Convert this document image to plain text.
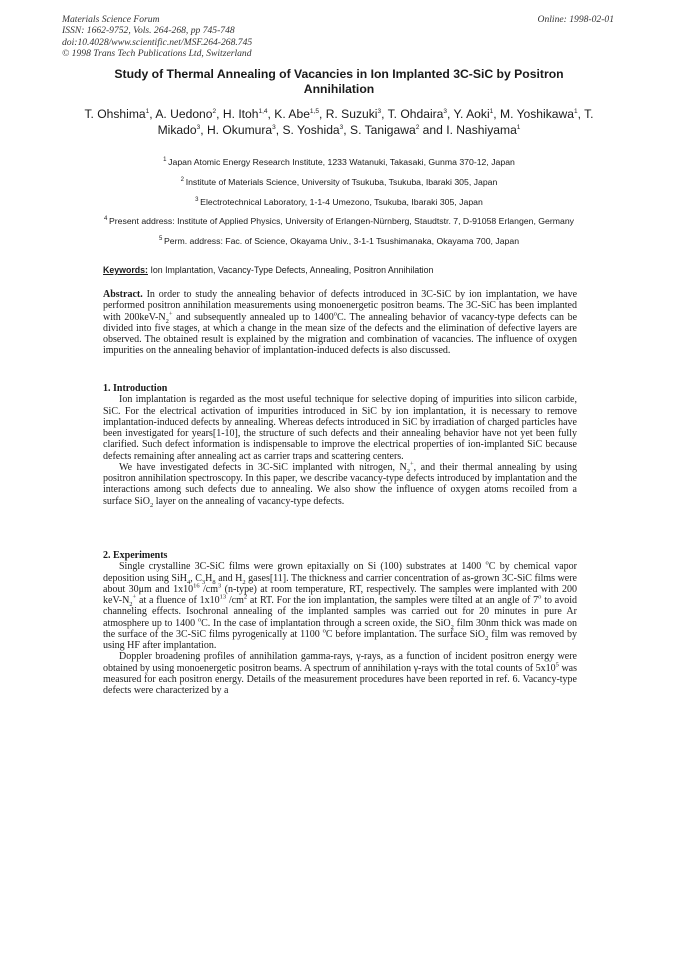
Materials Science Forum
ISSN: 1662-9752, Vols. 264-268, pp 745-748
doi:10.4028/www.scientific.net/MSF.264-268.745
© 1998 Trans Tech Publications Ltd, Switzerland
Online: 1998-02-01
Study of Thermal Annealing of Vacancies in Ion Implanted 3C-SiC by Positron Annihilation
T. Ohshima$^1$, A. Uedono$^2$, H. Itoh$^{1,4}$, K. Abe$^{1,5}$, R. Suzuki$^3$, T. Ohdaira$^3$, Y. Aoki$^1$, M. Yoshikawa$^1$, T. Mikado$^3$, H. Okumura$^3$, S. Yoshida$^3$, S. Tanigawa$^2$ and I. Nashiyama$^1$
$^1$ Japan Atomic Energy Research Institute, 1233 Watanuki, Takasaki, Gunma 370-12, Japan
$^2$ Institute of Materials Science, University of Tsukuba, Tsukuba, Ibaraki 305, Japan
$^3$ Electrotechnical Laboratory, 1-1-4 Umezono, Tsukuba, Ibaraki 305, Japan
$^4$ Present address: Institute of Applied Physics, University of Erlangen-Nürnberg, Staudtstr. 7, D-91058 Erlangen, Germany
$^5$ Perm. address: Fac. of Science, Okayama Univ., 3-1-1 Tsushimanaka, Okayama 700, Japan
Keywords: Ion Implantation, Vacancy-Type Defects, Annealing, Positron Annihilation

Abstract. In order to study the annealing behavior of defects introduced in 3C-SiC by ion implantation, we have performed positron annihilation measurements using monoenergetic positron beams. The 3C-SiC has been implanted with $200keV-N_2^+$ and subsequently annealed up to 1400$^o$C. The annealing behavior of vacancy-type defects can be divided into five stages, at which a change in the mean size of the defects and the elimination of defective layers are observed. The obtained result is explained by the migration and combination of vacancies. The influence of oxygen impurities on the annealing behavior of implantation-induced defects is also discussed.

1. Introduction

Ion implantation is regarded as the most useful technique for selective doping of impurities into silicon carbide, SiC. For the electrical activation of impurities introduced in SiC by ion implantation, it is necessary to remove implantation-induced defects by annealing. Whereas defects introduced in SiC by irradiation of charged particles have been investigated for years[1-10], the structure of such defects and their annealing behavior have not yet been fully clarified. Such defect information is indispensable to improve the electrical properties of ion-implanted SiC because defects remaining after annealing act as carrier traps and scattering centers.

We have investigated defects in 3C-SiC implanted with nitrogen, $N_2^+$, and their thermal annealing by using positron annihilation spectroscopy. In this paper, we describe vacancy-type defects introduced by implantation and the interactions among such defects due to annealing. We also show the influence of oxygen atoms recoiled from a surface SiO$_2$ layer on the annealing of vacancy-type defects.

2. Experiments

Single crystalline 3C-SiC films were grown epitaxially on Si (100) substrates at 1400 $^o$C by chemical vapor deposition using SiH$_4$, $C_3H_8$ and $H_2$ gases[11]. The thickness and carrier concentration of as-grown 3C-SiC films were about 30μm and $1x10^{16}$ $/cm^3$ (n-type) at room temperature, RT, respectively. The samples were implanted with 200 keV-$N_2^+$ at a fluence of $1x10^{13}$ $/cm^2$ at RT. For the ion implantation, the samples were tilted at an angle of 7$^o$ to avoid channeling effects. Isochronal annealing of the implanted samples was carried out for 20 minutes in pure Ar atmosphere up to 1400 $^o$C. In the case of implantation through a screen oxide, the SiO$_2$ film 30nm thick was made on the surface of the 3C-SiC films pyrogenically at 1100 $^o$C before implantation. The surface SiO$_2$ film was removed by using HF after implantation.

Doppler broadening profiles of annihilation gamma-rays, γ-rays, as a function of incident positron energy were obtained by using monoenergetic positron beams. A spectrum of annihilation γ-rays with the total counts of $5x10^5$ was measured for each positron energy. Details of the measurement procedures have been reported in ref. 6. Vacancy-type defects were characterized by a
